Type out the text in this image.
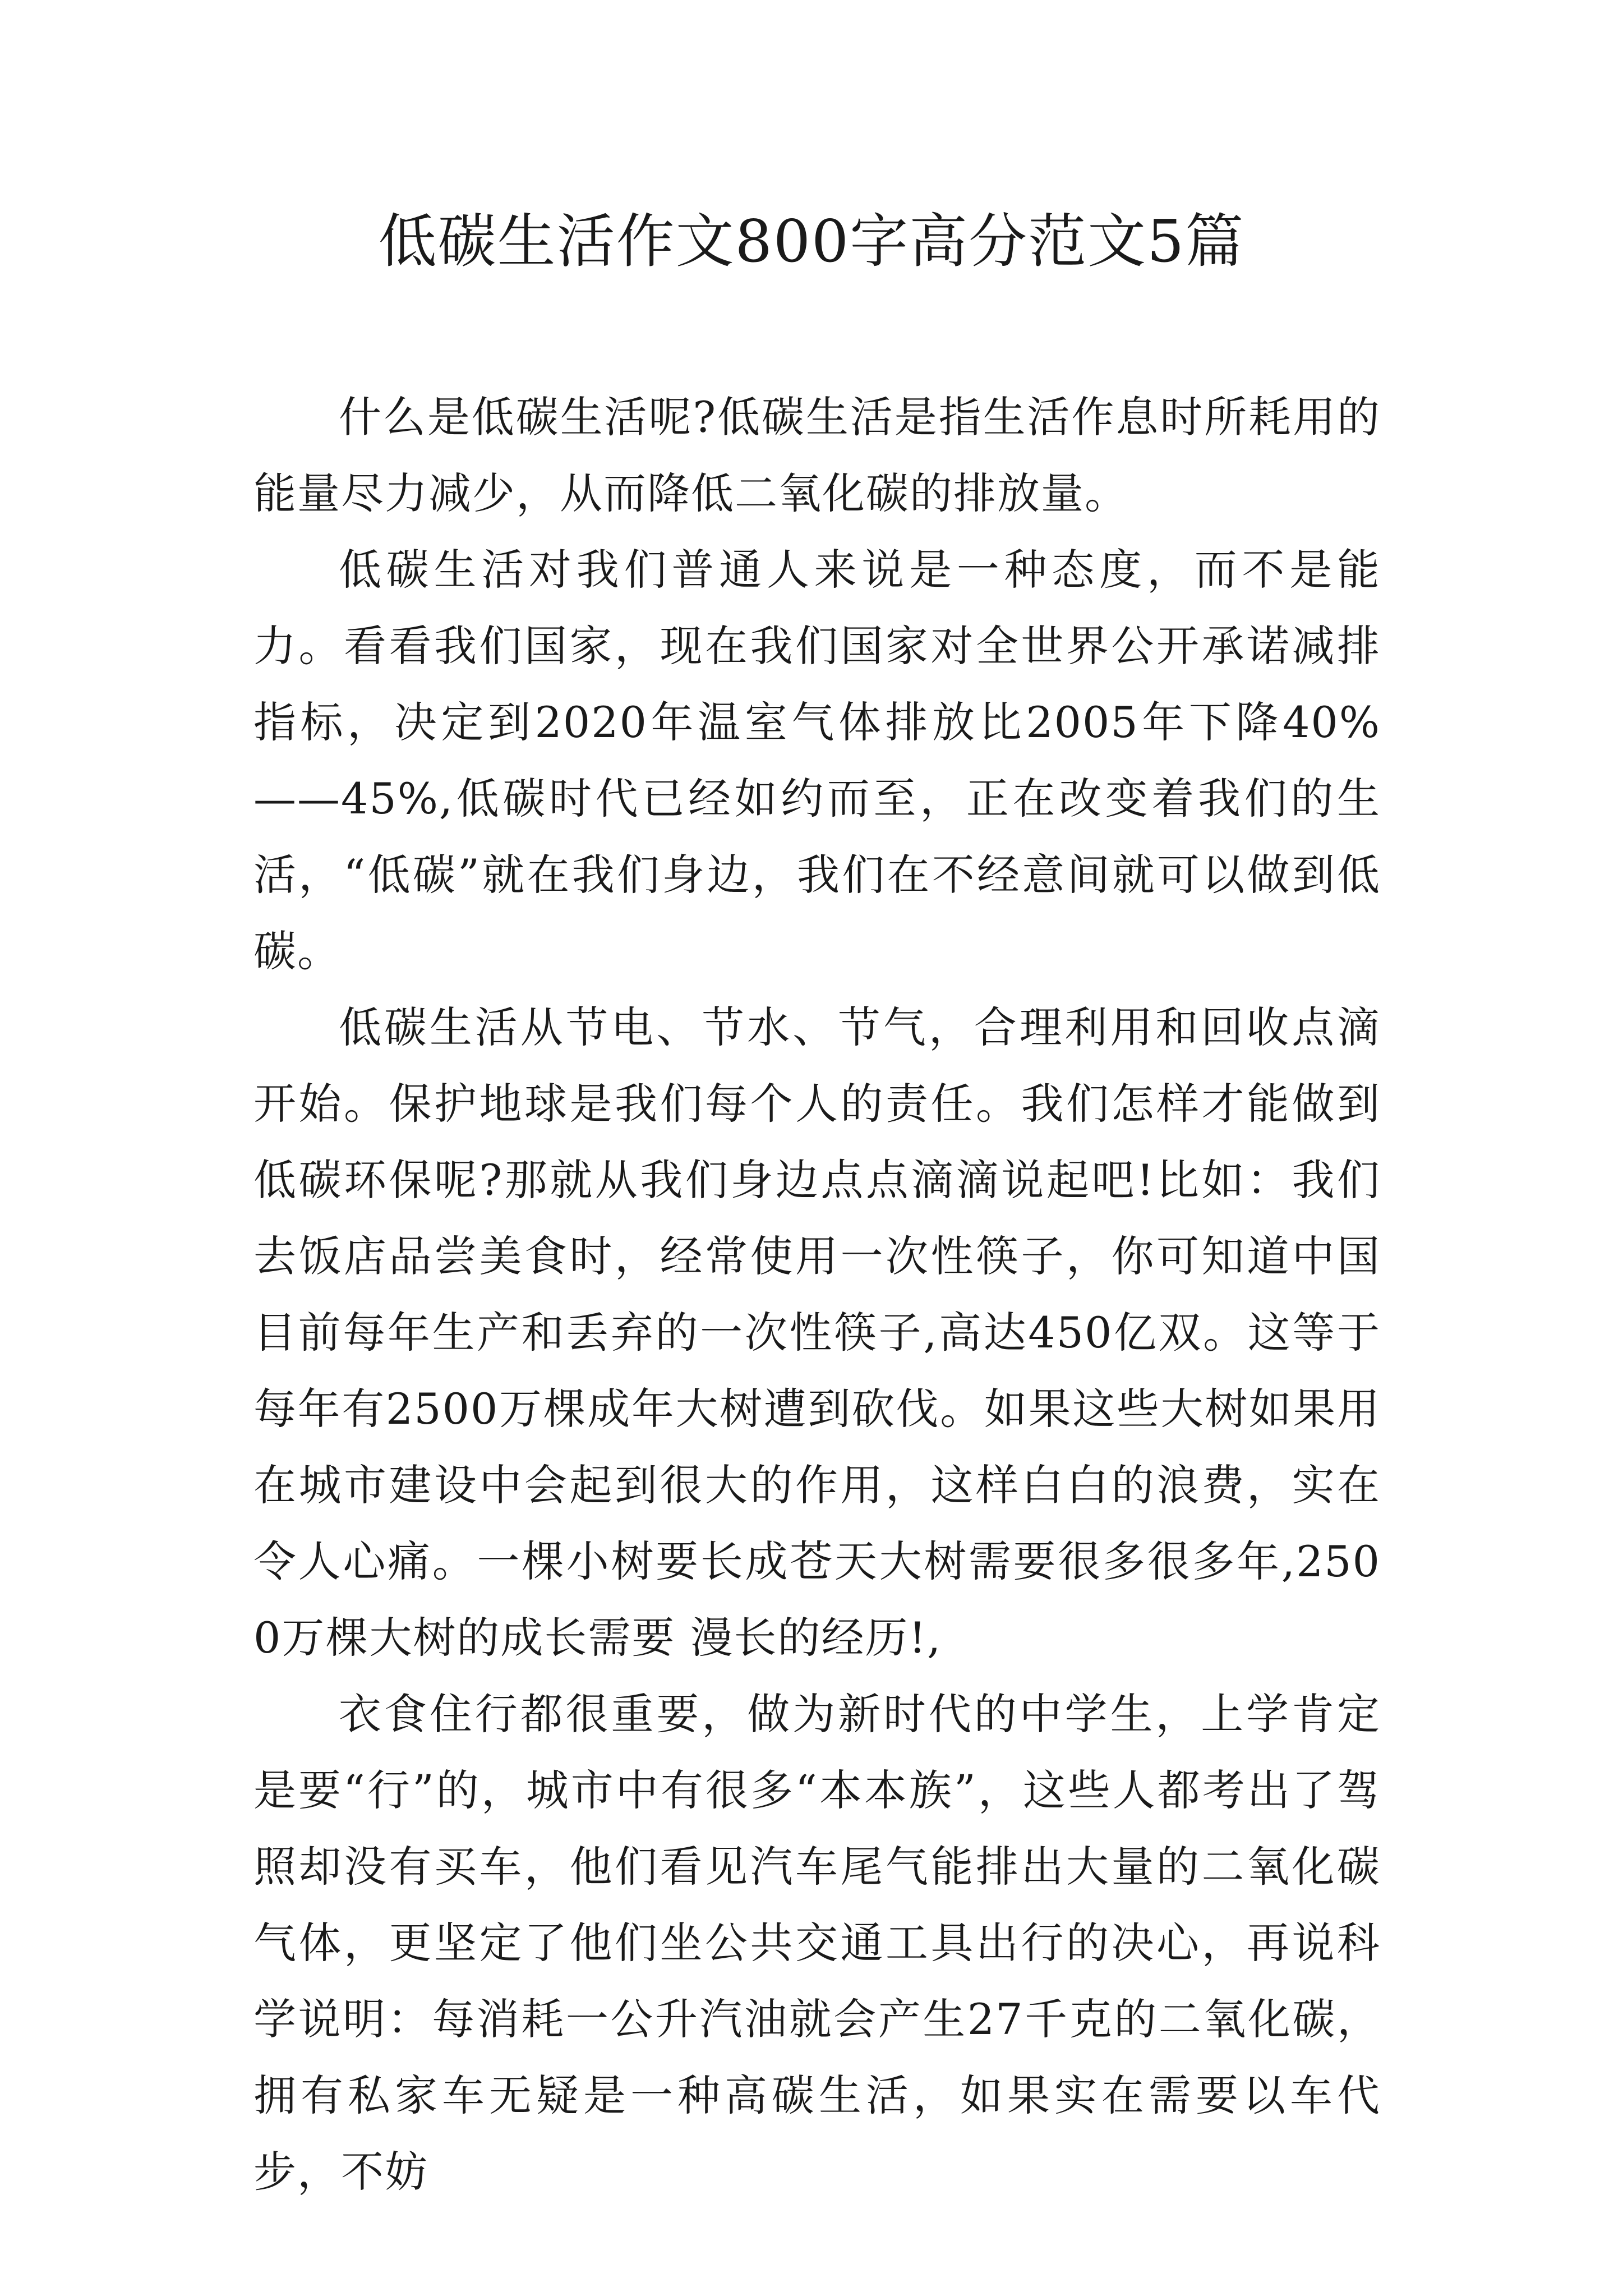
低碳生活作文800字高分范文5篇

什么是低碳生活呢?低碳生活是指生活作息时所耗用的能量尽力减少，从而降低二氧化碳的排放量。

低碳生活对我们普通人来说是一种态度，而不是能力。看看我们国家，现在我们国家对全世界公开承诺减排指标，决定到2020年温室气体排放比2005年下降40%——45%,低碳时代已经如约而至，正在改变着我们的生活，“低碳”就在我们身边，我们在不经意间就可以做到低碳。

低碳生活从节电、节水、节气，合理利用和回收点滴开始。保护地球是我们每个人的责任。我们怎样才能做到低碳环保呢?那就从我们身边点点滴滴说起吧!比如：我们去饭店品尝美食时，经常使用一次性筷子，你可知道中国目前每年生产和丢弃的一次性筷子,高达450亿双。这等于每年有2500万棵成年大树遭到砍伐。如果这些大树如果用在城市建设中会起到很大的作用，这样白白的浪费，实在令人心痛。一棵小树要长成苍天大树需要很多很多年,2500万棵大树的成长需要 漫长的经历!,

衣食住行都很重要，做为新时代的中学生，上学肯定是要“行”的，城市中有很多“本本族”，这些人都考出了驾照却没有买车，他们看见汽车尾气能排出大量的二氧化碳气体，更坚定了他们坐公共交通工具出行的决心，再说科学说明：每消耗一公升汽油就会产生27千克的二氧化碳，拥有私家车无疑是一种高碳生活，如果实在需要以车代步，不妨
